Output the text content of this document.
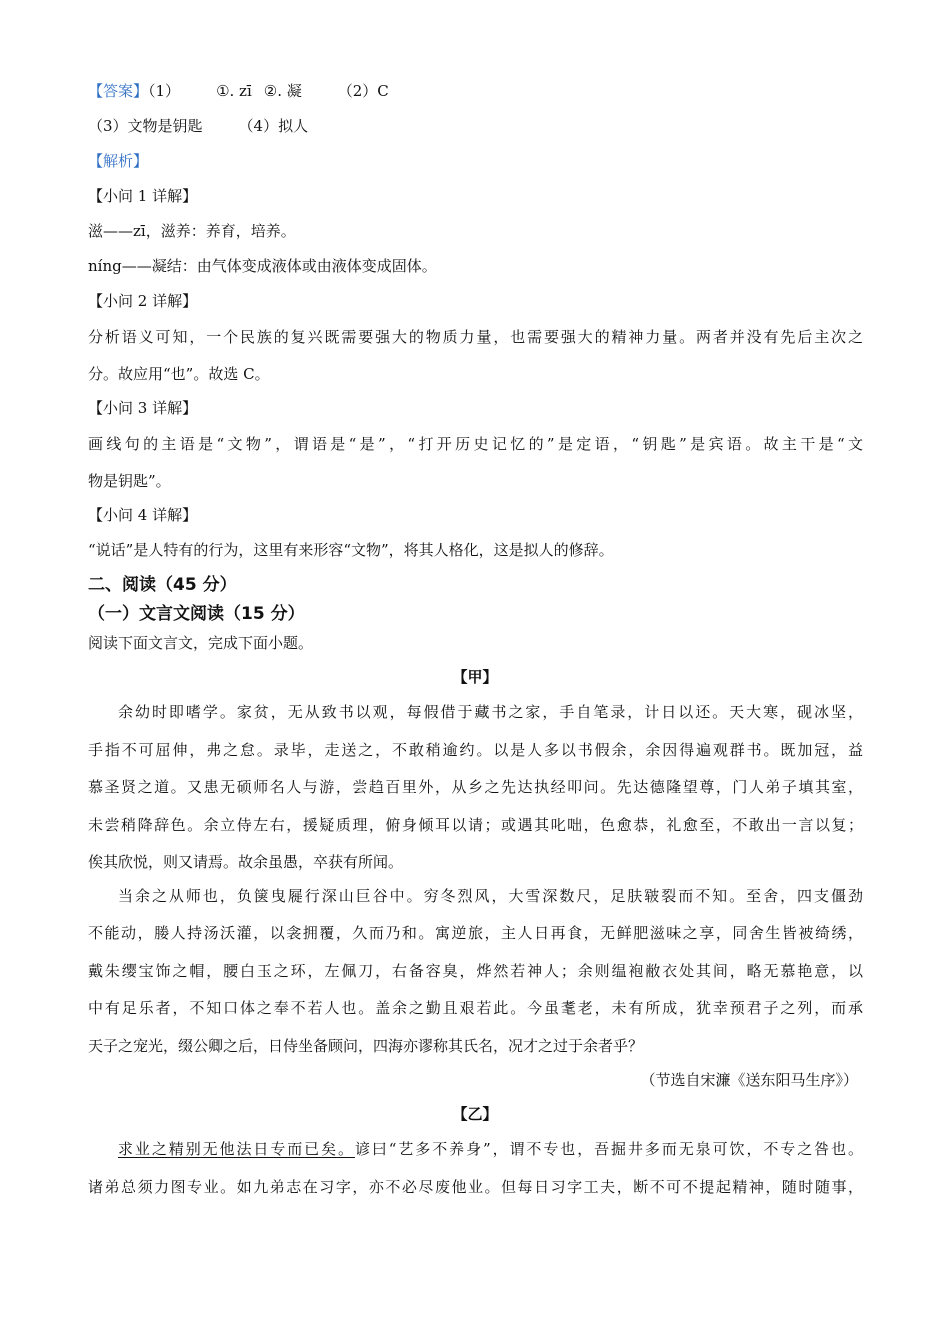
【答案】（1） ①. zī ②. 凝 （2）C
（3）文物是钥匙 （4）拟人
【解析】
【小问 1 详解】
滋——zī，滋养：养育，培养。
níng——凝结：由气体变成液体或由液体变成固体。
【小问 2 详解】
分析语义可知，一个民族的复兴既需要强大的物质力量，也需要强大的精神力量。两者并没有先后主次之
分。故应用“也”。故选 C。
【小问 3 详解】
画线句的主语是“文物”，谓语是“是”，“打开历史记忆的”是定语，“钥匙”是宾语。故主干是“文
物是钥匙”。
【小问 4 详解】
“说话”是人特有的行为，这里有来形容“文物”，将其人格化，这是拟人的修辞。
二、阅读（45 分）
（一）文言文阅读（15 分）
阅读下面文言文，完成下面小题。
【甲】
余幼时即嗜学。家贫，无从致书以观，每假借于藏书之家，手自笔录，计日以还。天大寒，砚冰坚，
手指不可屈伸，弗之怠。录毕，走送之，不敢稍逾约。以是人多以书假余，余因得遍观群书。既加冠，益
慕圣贤之道。又患无硕师名人与游，尝趋百里外，从乡之先达执经叩问。先达德隆望尊，门人弟子填其室，
未尝稍降辞色。余立侍左右，援疑质理，俯身倾耳以请；或遇其叱咄，色愈恭，礼愈至，不敢出一言以复；
俟其欣悦，则又请焉。故余虽愚，卒获有所闻。
当余之从师也，负箧曳屣行深山巨谷中。穷冬烈风，大雪深数尺，足肤皲裂而不知。至舍，四支僵劲
不能动，媵人持汤沃灌，以衾拥覆，久而乃和。寓逆旅，主人日再食，无鲜肥滋味之享，同舍生皆被绮绣，
戴朱缨宝饰之帽，腰白玉之环，左佩刀，右备容臭，烨然若神人；余则缊袍敝衣处其间，略无慕艳意，以
中有足乐者，不知口体之奉不若人也。盖余之勤且艰若此。今虽耄老，未有所成，犹幸预君子之列，而承
天子之宠光，缀公卿之后，日侍坐备顾问，四海亦谬称其氏名，况才之过于余者乎？
（节选自宋濂《送东阳马生序》）
【乙】
求业之精别无他法日专而已矣。谚曰“艺多不养身”，谓不专也，吾掘井多而无泉可饮，不专之咎也。
诸弟总须力图专业。如九弟志在习字，亦不必尽废他业。但每日习字工夫，断不可不提起精神，随时随事，
